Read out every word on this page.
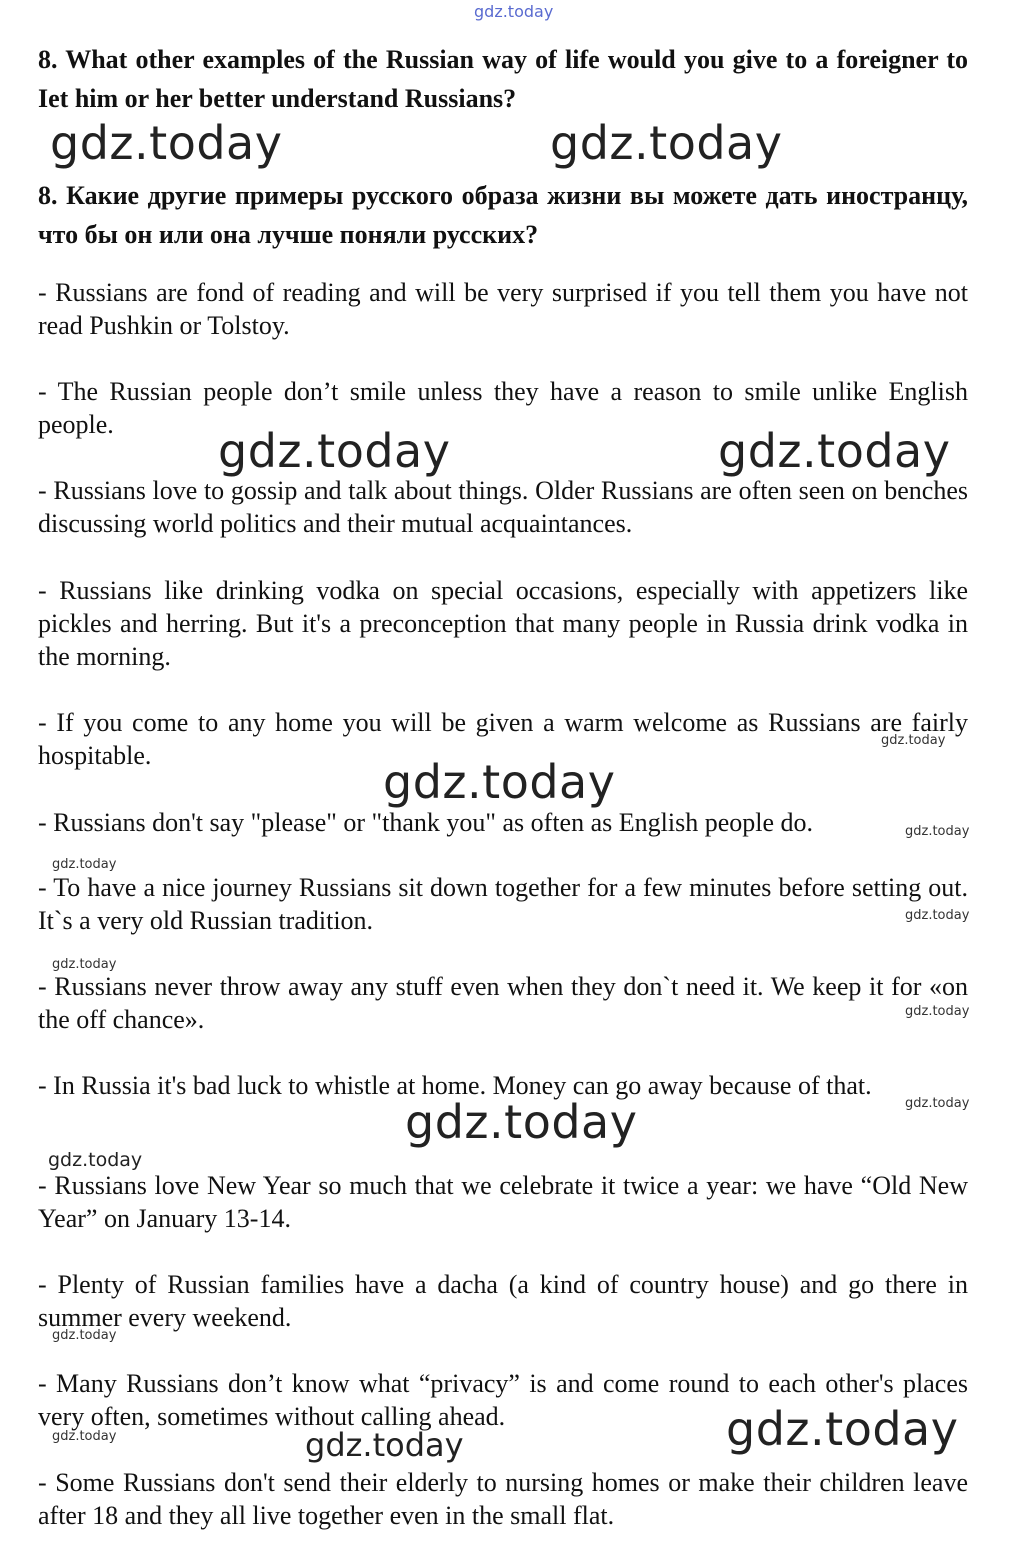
8. What other examples of the Russian way of life would you give to a foreigner to Iet him or her better understand Russians?

8. Какие другие примеры русского образа жизни вы можете дать иностранцу, что бы он или она лучше поняли русских?

- Russians are fond of reading and will be very surprised if you tell them you have not read Pushkin or Tolstoy.

- The Russian people don’t smile unless they have a reason to smile unlike English people.

- Russians love to gossip and talk about things. Older Russians are often seen on benches discussing world politics and their mutual acquaintances.

- Russians like drinking vodka on special occasions, especially with appetizers like pickles and herring. But it's a preconception that many people in Russia drink vodka in the morning.

- If you come to any home you will be given a warm welcome as Russians are fairly hospitable.

- Russians don't say "please" or "thank you" as often as English people do.

- To have a nice journey Russians sit down together for a few minutes before setting out. It`s a very old Russian tradition.

- Russians never throw away any stuff even when they don`t need it. We keep it for «on the off chance».

- In Russia it's bad luck to whistle at home. Money can go away because of that.

- Russians love New Year so much that we celebrate it twice a year: we have “Old New Year” on January 13-14.

- Plenty of Russian families have a dacha (a kind of country house) and go there in summer every weekend.

- Many Russians don’t know what “privacy” is and come round to each other's places very often, sometimes without calling ahead.

- Some Russians don't send their elderly to nursing homes or make their children leave after 18 and they all live together even in the small flat.

gdz.today
gdz.today	gdz.today
gdz.today	gdz.today
gdz.today
gdz.today
gdz.today
gdz.today
gdz.today
gdz.today
gdz.today
gdz.today
gdz.today
gdz.today
gdz.today
gdz.today	gdz.today
gdz.today
